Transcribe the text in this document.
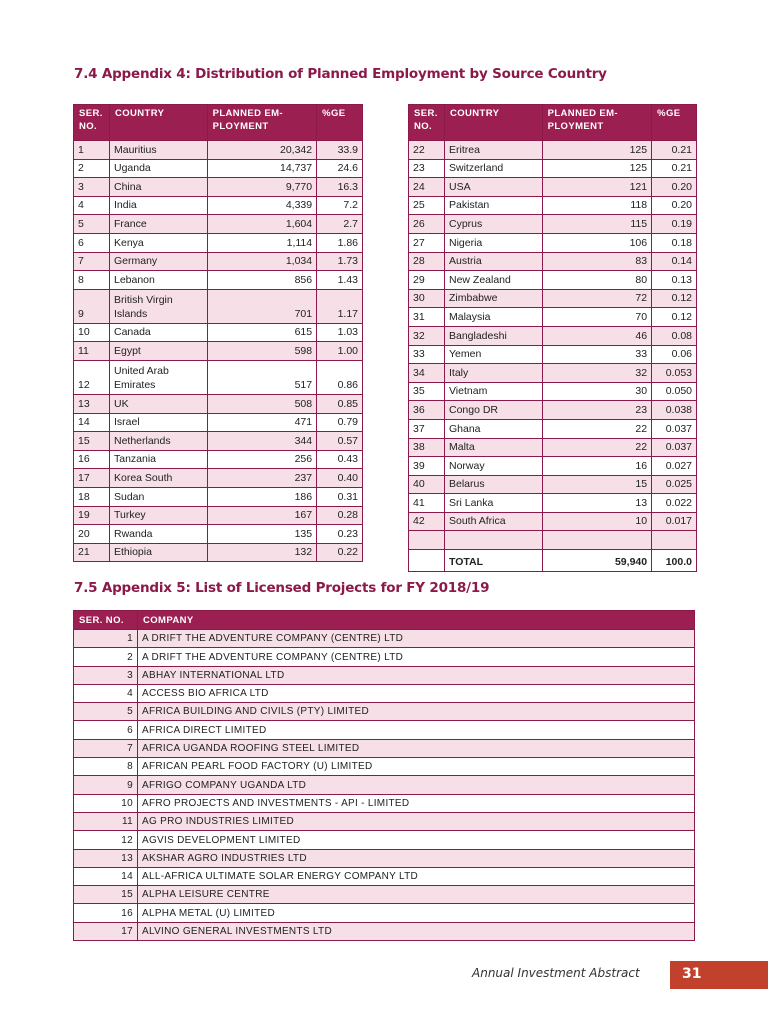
7.4 Appendix 4: Distribution of Planned Employment by Source Country
SER. NO.	COUNTRY	PLANNED EM-PLOYMENT	%GE
1	Mauritius	20,342	33.9
2	Uganda	14,737	24.6
3	China	9,770	16.3
4	India	4,339	7.2
5	France	1,604	2.7
6	Kenya	1,114	1.86
7	Germany	1,034	1.73
8	Lebanon	856	1.43
9	British Virgin Islands	701	1.17
10	Canada	615	1.03
11	Egypt	598	1.00
12	United Arab Emirates	517	0.86
13	UK	508	0.85
14	Israel	471	0.79
15	Netherlands	344	0.57
16	Tanzania	256	0.43
17	Korea South	237	0.40
18	Sudan	186	0.31
19	Turkey	167	0.28
20	Rwanda	135	0.23
21	Ethiopia	132	0.22
SER. NO.	COUNTRY	PLANNED EM-PLOYMENT	%GE
22	Eritrea	125	0.21
23	Switzerland	125	0.21
24	USA	121	0.20
25	Pakistan	118	0.20
26	Cyprus	115	0.19
27	Nigeria	106	0.18
28	Austria	83	0.14
29	New Zealand	80	0.13
30	Zimbabwe	72	0.12
31	Malaysia	70	0.12
32	Bangladeshi	46	0.08
33	Yemen	33	0.06
34	Italy	32	0.053
35	Vietnam	30	0.050
36	Congo DR	23	0.038
37	Ghana	22	0.037
38	Malta	22	0.037
39	Norway	16	0.027
40	Belarus	15	0.025
41	Sri Lanka	13	0.022
42	South Africa	10	0.017

	TOTAL	59,940	100.0
7.5 Appendix 5: List of Licensed Projects for FY 2018/19
SER. NO.	COMPANY
1	A DRIFT THE ADVENTURE COMPANY (CENTRE) LTD
2	A DRIFT THE ADVENTURE COMPANY (CENTRE) LTD
3	ABHAY INTERNATIONAL LTD
4	ACCESS BIO AFRICA LTD
5	AFRICA BUILDING AND CIVILS (PTY) LIMITED
6	AFRICA DIRECT LIMITED
7	AFRICA UGANDA ROOFING STEEL LIMITED
8	AFRICAN PEARL FOOD FACTORY (U) LIMITED
9	AFRIGO COMPANY UGANDA LTD
10	AFRO PROJECTS AND INVESTMENTS - API - LIMITED
11	AG PRO INDUSTRIES LIMITED
12	AGVIS DEVELOPMENT LIMITED
13	AKSHAR AGRO INDUSTRIES LTD
14	ALL-AFRICA ULTIMATE SOLAR ENERGY COMPANY LTD
15	ALPHA LEISURE CENTRE
16	ALPHA METAL (U) LIMITED
17	ALVINO GENERAL INVESTMENTS LTD
Annual Investment Abstract	31
